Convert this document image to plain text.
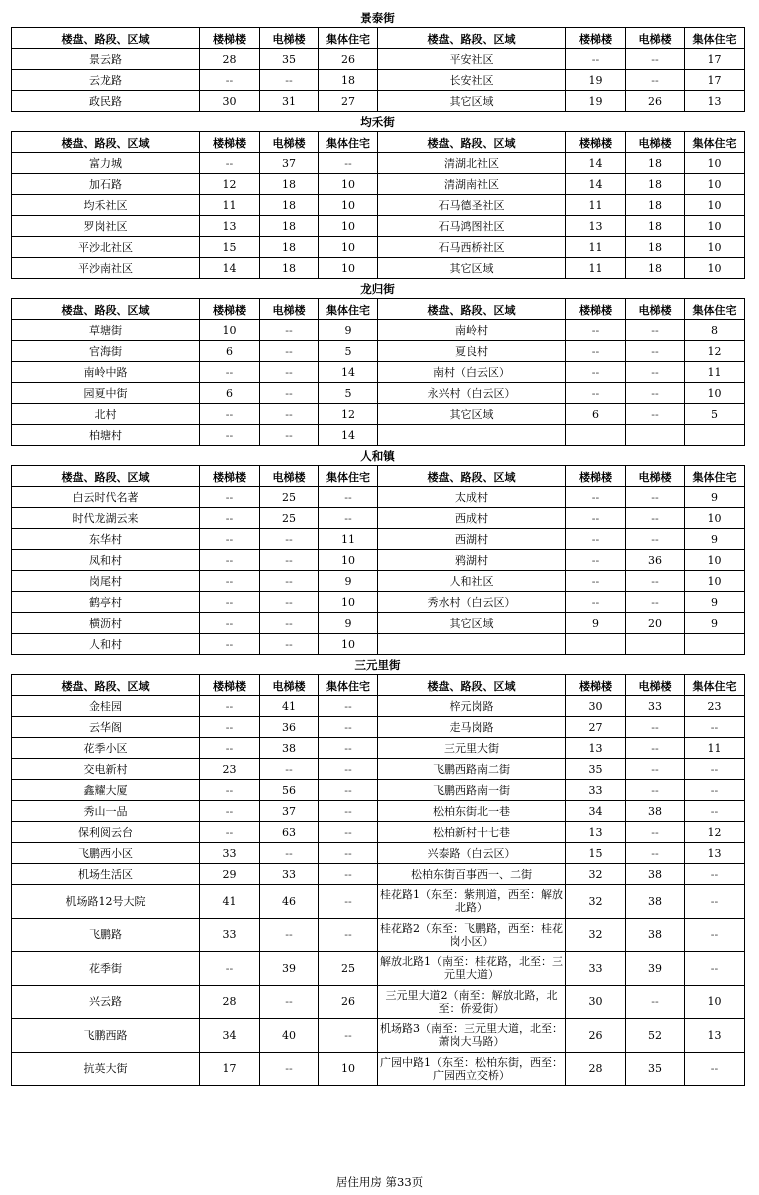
景泰街
楼盘、路段、区域	楼梯楼	电梯楼	集体住宅	楼盘、路段、区域	楼梯楼	电梯楼	集体住宅
景云路	28	35	26	平安社区	--	--	17
云龙路	--	--	18	长安社区	19	--	17
政民路	30	31	27	其它区域	19	26	13
均禾街
楼盘、路段、区域	楼梯楼	电梯楼	集体住宅	楼盘、路段、区域	楼梯楼	电梯楼	集体住宅
富力城	--	37	--	清湖北社区	14	18	10
加石路	12	18	10	清湖南社区	14	18	10
均禾社区	11	18	10	石马德圣社区	11	18	10
罗岗社区	13	18	10	石马鸿图社区	13	18	10
平沙北社区	15	18	10	石马西桥社区	11	18	10
平沙南社区	14	18	10	其它区域	11	18	10
龙归街
楼盘、路段、区域	楼梯楼	电梯楼	集体住宅	楼盘、路段、区域	楼梯楼	电梯楼	集体住宅
草塘街	10	--	9	南岭村	--	--	8
官海街	6	--	5	夏良村	--	--	12
南岭中路	--	--	14	南村（白云区）	--	--	11
园夏中街	6	--	5	永兴村（白云区）	--	--	10
北村	--	--	12	其它区域	6	--	5
柏塘村	--	--	14				
人和镇
楼盘、路段、区域	楼梯楼	电梯楼	集体住宅	楼盘、路段、区域	楼梯楼	电梯楼	集体住宅
白云时代名著	--	25	--	太成村	--	--	9
时代龙湖云来	--	25	--	西成村	--	--	10
东华村	--	--	11	西湖村	--	--	9
凤和村	--	--	10	鸦湖村	--	36	10
岗尾村	--	--	9	人和社区	--	--	10
鹤亭村	--	--	10	秀水村（白云区）	--	--	9
横沥村	--	--	9	其它区域	9	20	9
人和村	--	--	10				
三元里街
楼盘、路段、区域	楼梯楼	电梯楼	集体住宅	楼盘、路段、区域	楼梯楼	电梯楼	集体住宅
金桂园	--	41	--	梓元岗路	30	33	23
云华阁	--	36	--	走马岗路	27	--	--
花季小区	--	38	--	三元里大街	13	--	11
交电新村	23	--	--	飞鹏西路南二街	35	--	--
鑫耀大厦	--	56	--	飞鹏西路南一街	33	--	--
秀山一品	--	37	--	松柏东街北一巷	34	38	--
保利阅云台	--	63	--	松柏新村十七巷	13	--	12
飞鹏西小区	33	--	--	兴泰路（白云区）	15	--	13
机场生活区	29	33	--	松柏东街百事西一、二街	32	38	--
机场路12号大院	41	46	--	桂花路1（东至：紫荆道，西至：解放北路）	32	38	--
飞鹏路	33	--	--	桂花路2（东至：飞鹏路，西至：桂花岗小区）	32	38	--
花季街	--	39	25	解放北路1（南至：桂花路，北至：三元里大道）	33	39	--
兴云路	28	--	26	三元里大道2（南至：解放北路，北至：侨爱街）	30	--	10
飞鹏西路	34	40	--	机场路3（南至：三元里大道，北至：萧岗大马路）	26	52	13
抗英大街	17	--	10	广园中路1（东至：松柏东街，西至：广园西立交桥）	28	35	--
居住用房 第33页
